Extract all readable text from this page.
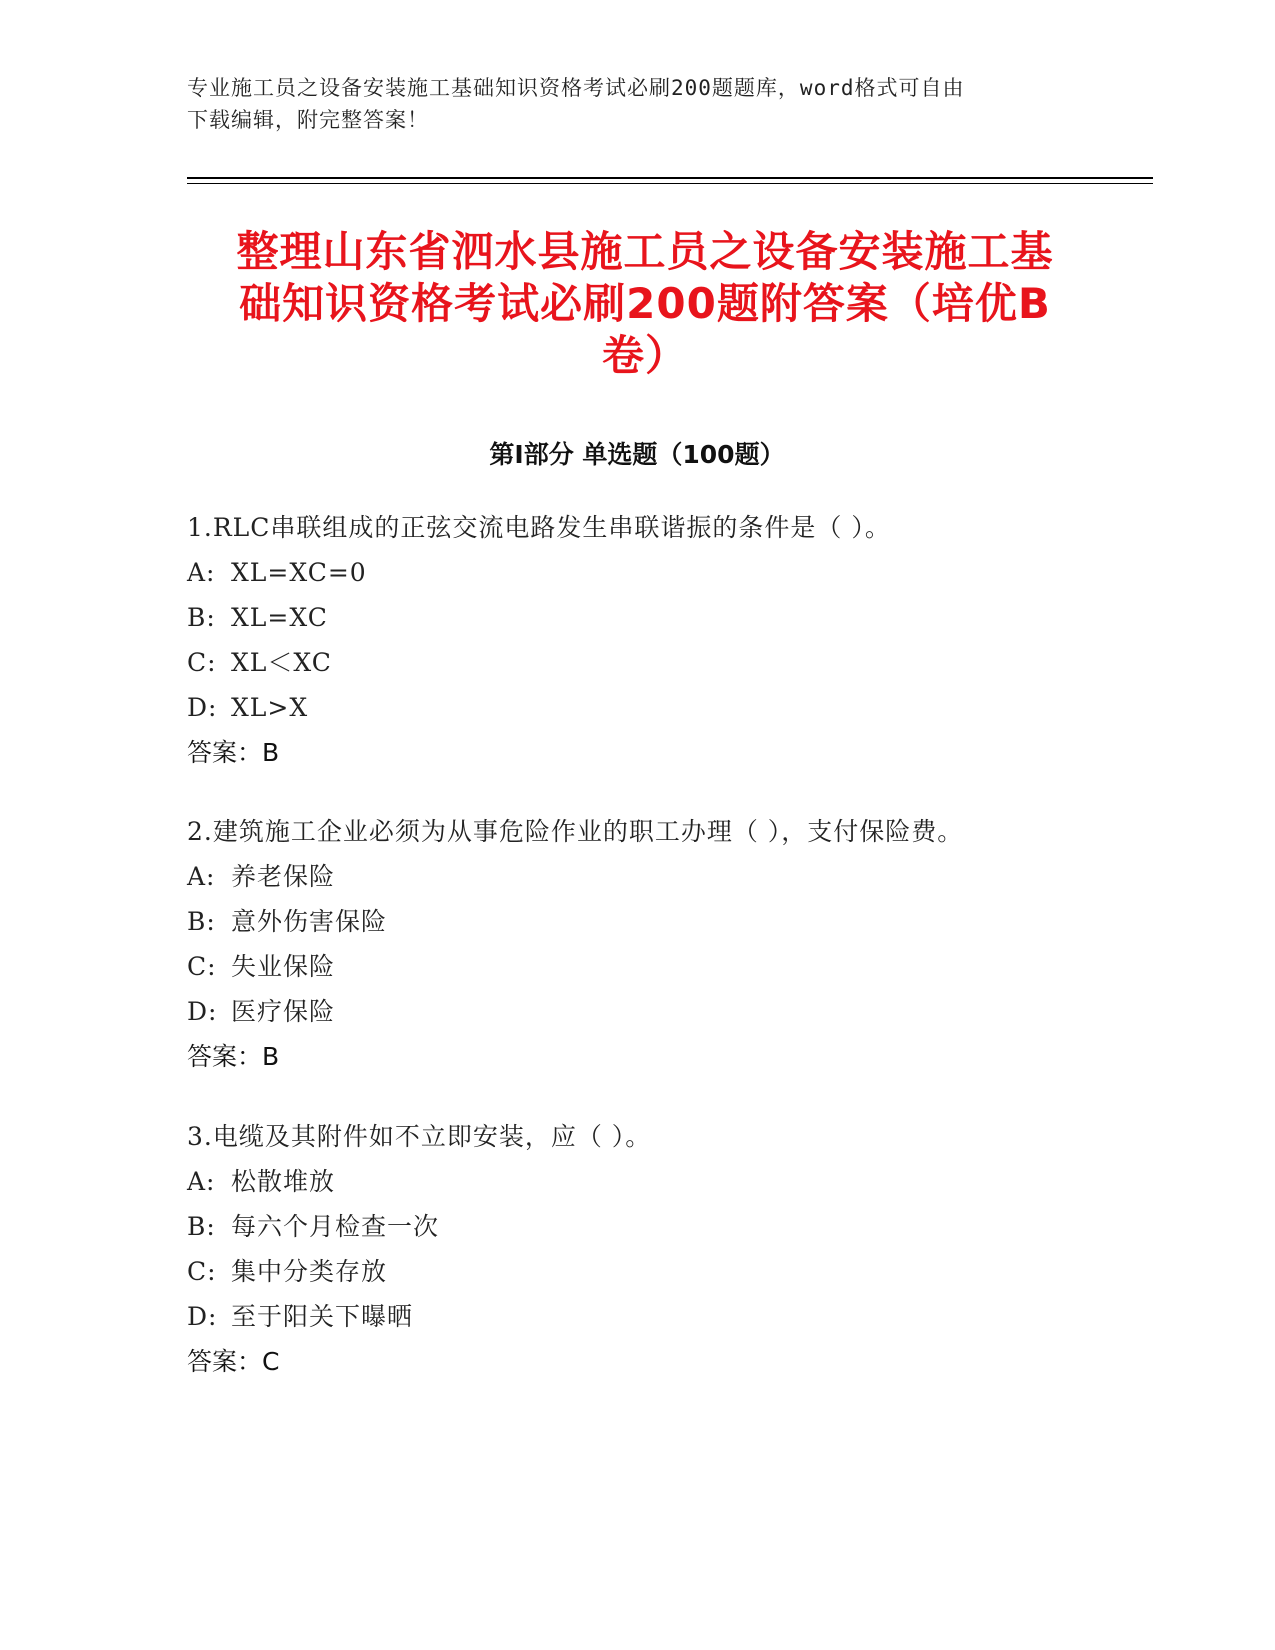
专业施工员之设备安装施工基础知识资格考试必刷200题题库，word格式可自由
下载编辑，附完整答案！
整理山东省泗水县施工员之设备安装施工基
础知识资格考试必刷200题附答案（培优B
卷）
第Ⅰ部分 单选题（100题）
1.RLC串联组成的正弦交流电路发生串联谐振的条件是（ ）。
A: XL=XC=0
B: XL=XC
C: XL＜XC
D: XL>X
答案：B
2.建筑施工企业必须为从事危险作业的职工办理（ ），支付保险费。
A: 养老保险
B: 意外伤害保险
C: 失业保险
D: 医疗保险
答案：B
3.电缆及其附件如不立即安装，应（ ）。
A: 松散堆放
B: 每六个月检查一次
C: 集中分类存放
D: 至于阳关下曝晒
答案：C
